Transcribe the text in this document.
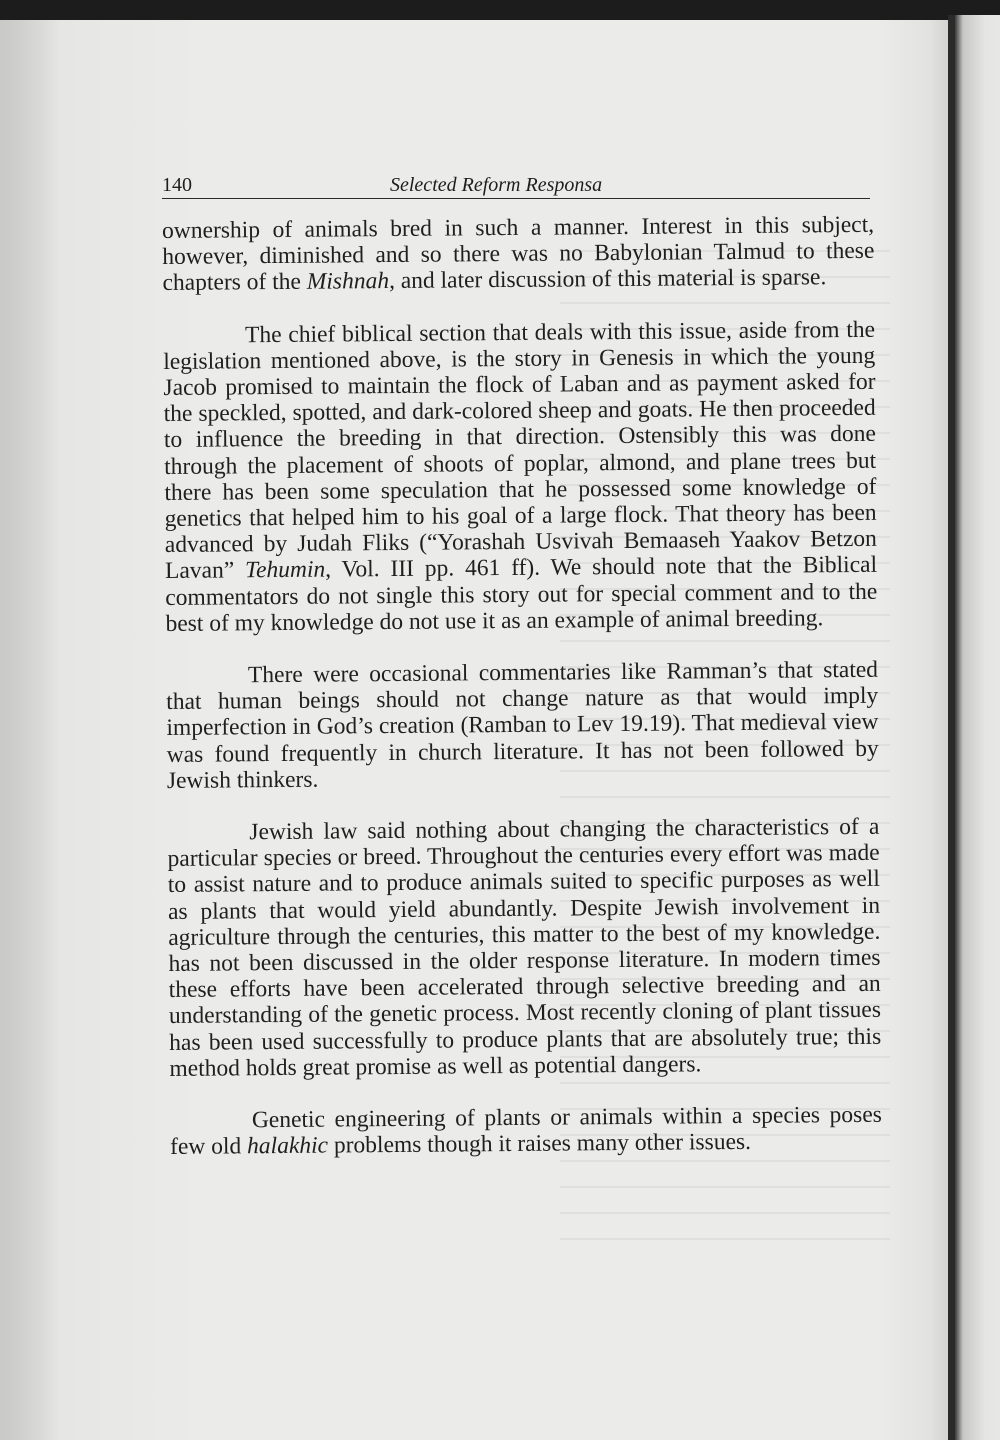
140	Selected Reform Responsa

ownership of animals bred in such a manner. Interest in this subject, however, diminished and so there was no Babylonian Talmud to these chapters of the Mishnah, and later discussion of this material is sparse.

The chief biblical section that deals with this issue, aside from the legislation mentioned above, is the story in Genesis in which the young Jacob promised to maintain the flock of Laban and as payment asked for the speckled, spotted, and dark-colored sheep and goats. He then proceeded to influence the breeding in that direction. Ostensibly this was done through the placement of shoots of poplar, almond, and plane trees but there has been some speculation that he possessed some knowledge of genetics that helped him to his goal of a large flock. That theory has been advanced by Judah Fliks (“Yorashah Usvivah Bemaaseh Yaakov Betzon Lavan” Tehumin, Vol. III pp. 461 ff). We should note that the Biblical commentators do not single this story out for special comment and to the best of my knowledge do not use it as an example of animal breeding.

There were occasional commentaries like Ramman’s that stated that human beings should not change nature as that would imply imperfection in God’s creation (Ramban to Lev 19.19). That medieval view was found frequently in church literature. It has not been followed by Jewish thinkers.

Jewish law said nothing about changing the characteristics of a particular species or breed. Throughout the centuries every effort was made to assist nature and to produce animals suited to specific purposes as well as plants that would yield abundantly. Despite Jewish involvement in agriculture through the centuries, this matter to the best of my knowledge. has not been discussed in the older response literature. In modern times these efforts have been accelerated through selective breeding and an understanding of the genetic process. Most recently cloning of plant tissues has been used successfully to produce plants that are absolutely true; this method holds great promise as well as potential dangers.

Genetic engineering of plants or animals within a species poses few old halakhic problems though it raises many other issues.
